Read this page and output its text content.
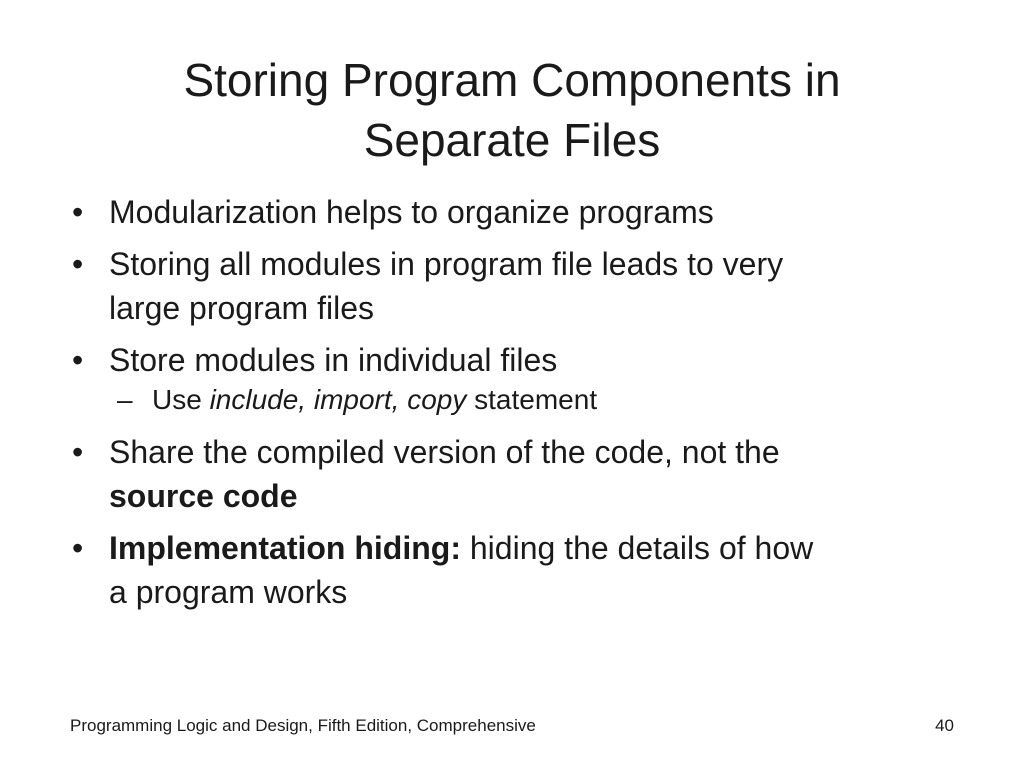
Storing Program Components in
Separate Files
• Modularization helps to organize programs
• Storing all modules in program file leads to very
large program files
• Store modules in individual files
– Use include, import, copy statement
• Share the compiled version of the code, not the
source code
• Implementation hiding: hiding the details of how
a program works
Programming Logic and Design, Fifth Edition, Comprehensive	40
